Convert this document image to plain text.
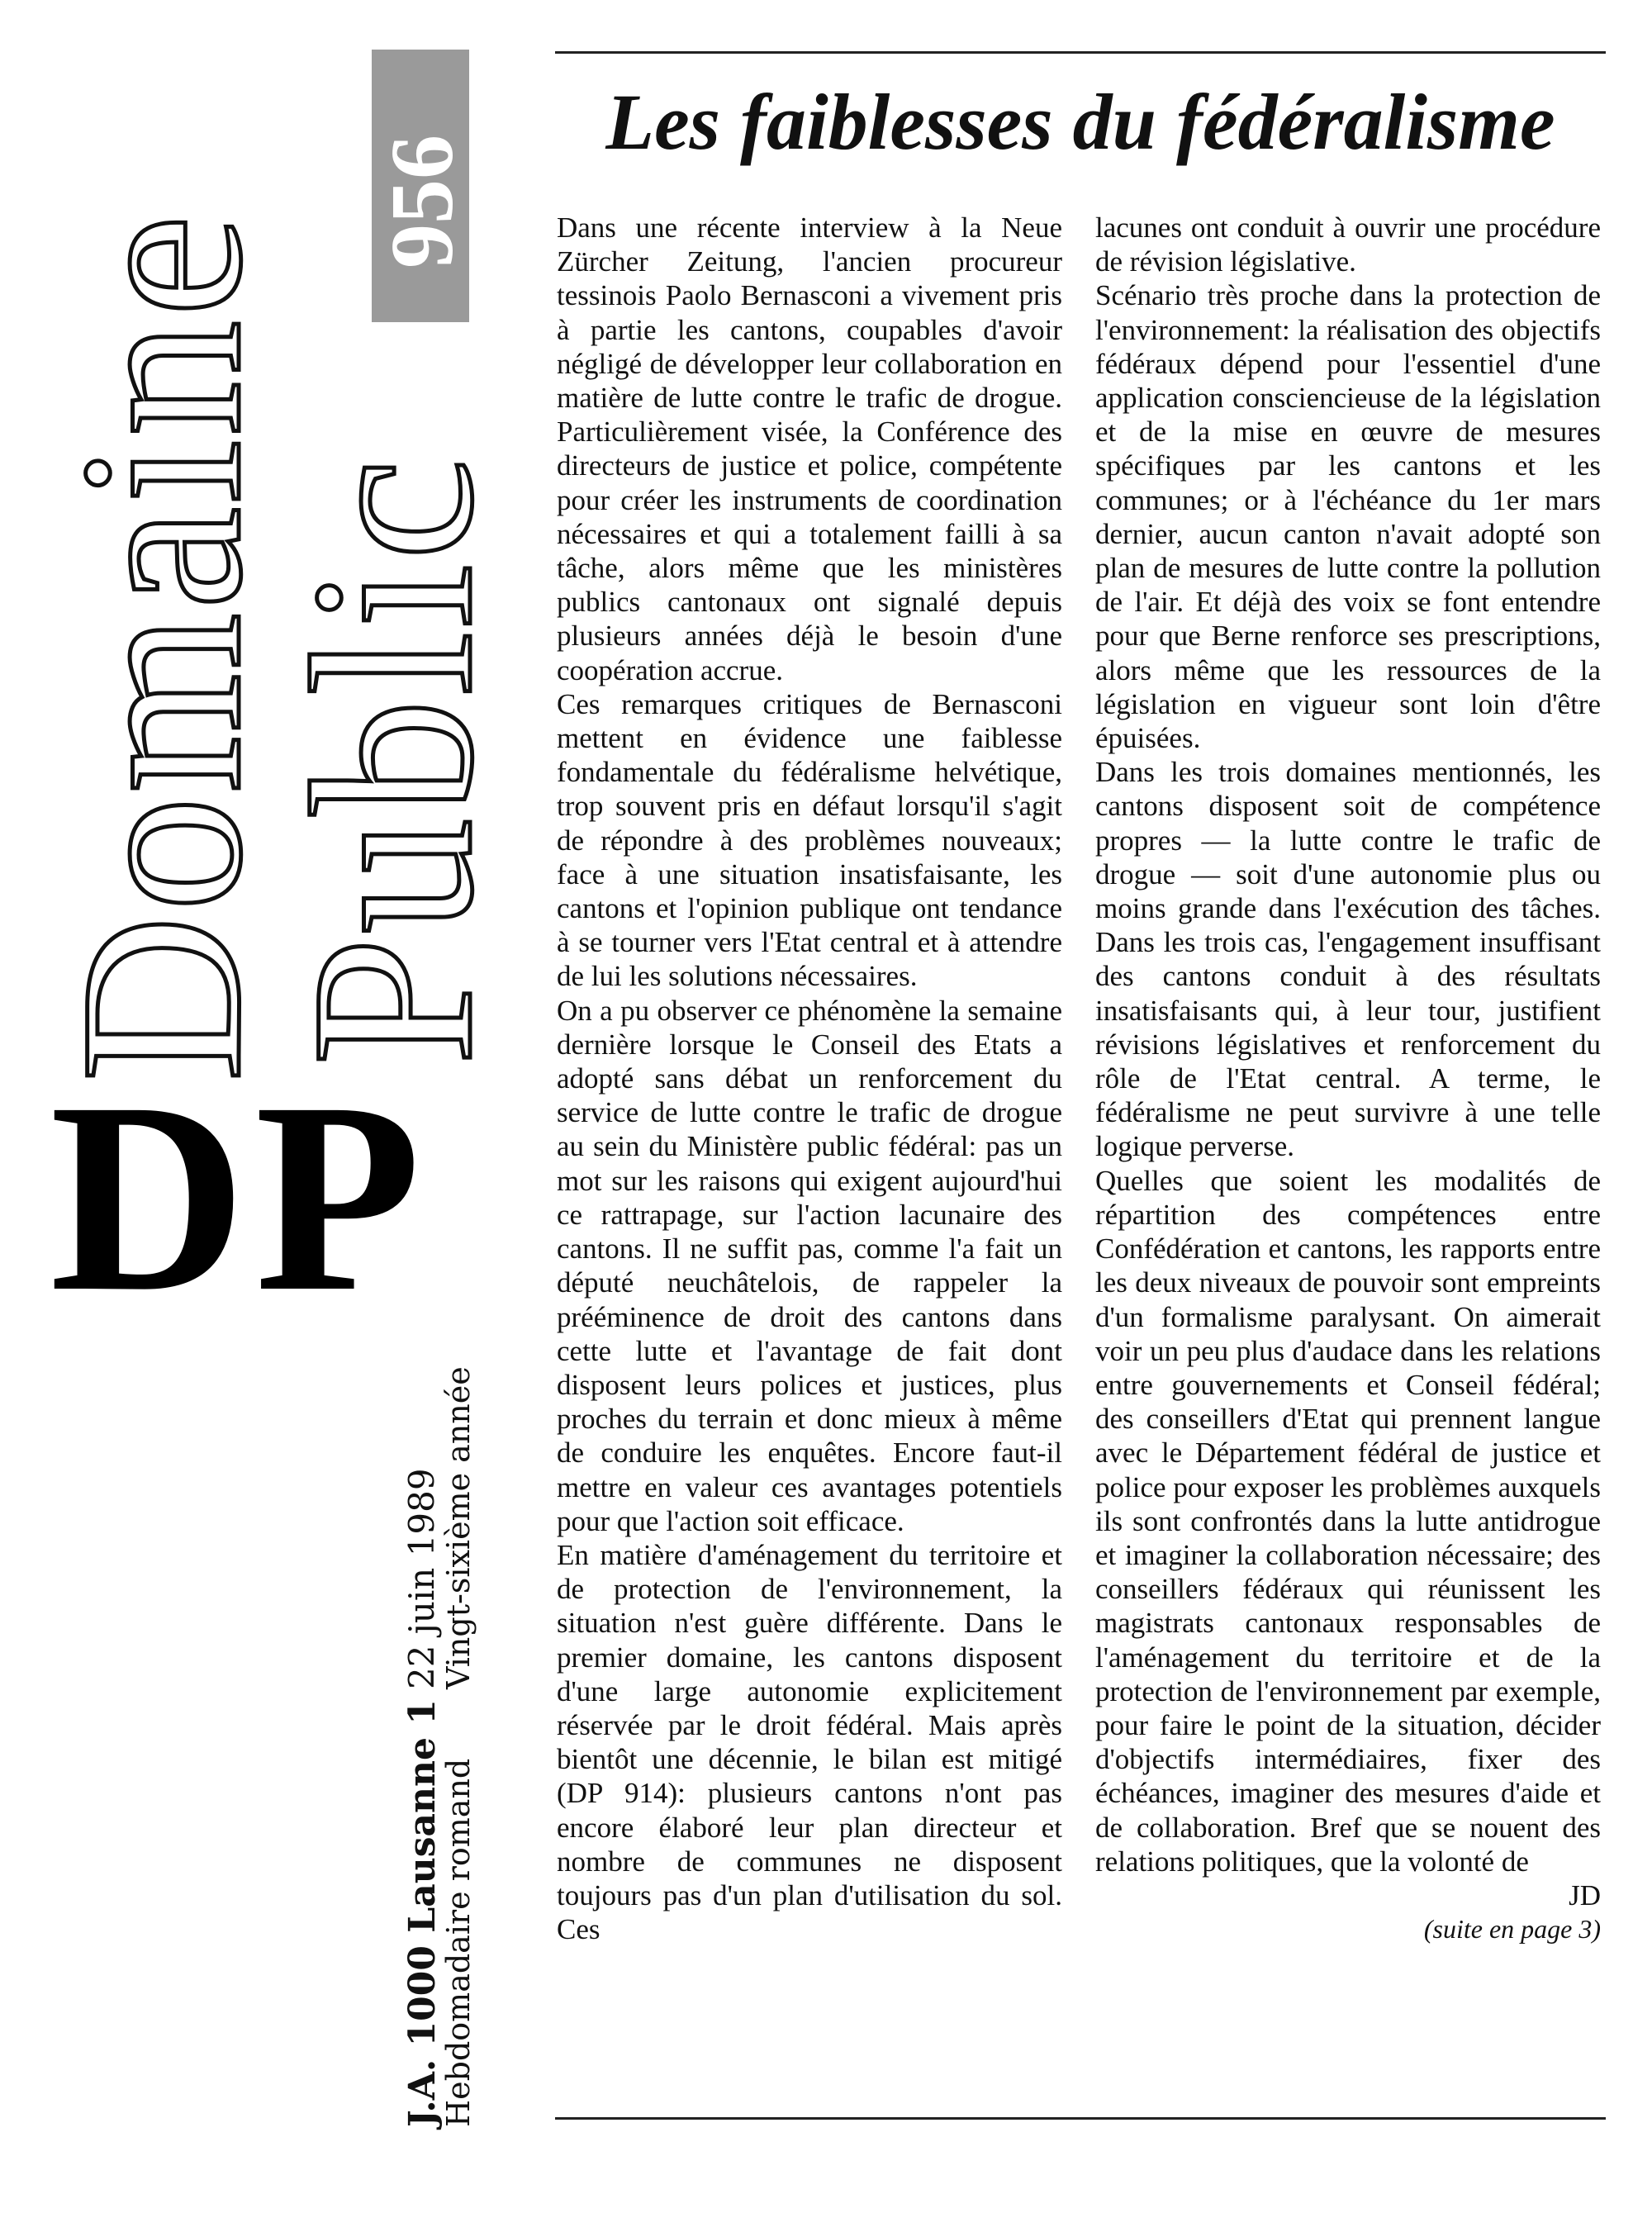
Domaine
Public
956
DP
J.A. 1000 Lausanne 1
Hebdomadaire romand
22 juin 1989
Vingt-sixième année
Les faiblesses du fédéralisme

Dans une récente interview à la Neue Zürcher Zeitung, l'ancien procureur tessinois Paolo Bernasconi a vivement pris à partie les cantons, coupables d'avoir négligé de développer leur collaboration en matière de lutte contre le trafic de drogue. Particulièrement visée, la Conférence des directeurs de justice et police, compétente pour créer les instruments de coordination nécessaires et qui a totalement failli à sa tâche, alors même que les ministères publics cantonaux ont signalé depuis plusieurs années déjà le besoin d'une coopération accrue.

Ces remarques critiques de Bernasconi mettent en évidence une faiblesse fondamentale du fédéralisme helvétique, trop souvent pris en défaut lorsqu'il s'agit de répondre à des problèmes nouveaux; face à une situation insatisfaisante, les cantons et l'opinion publique ont tendance à se tourner vers l'Etat central et à attendre de lui les solutions nécessaires.

On a pu observer ce phénomène la semaine dernière lorsque le Conseil des Etats a adopté sans débat un renforcement du service de lutte contre le trafic de drogue au sein du Ministère public fédéral: pas un mot sur les raisons qui exigent aujourd'hui ce rattrapage, sur l'action lacunaire des cantons. Il ne suffit pas, comme l'a fait un député neuchâtelois, de rappeler la prééminence de droit des cantons dans cette lutte et l'avantage de fait dont disposent leurs polices et justices, plus proches du terrain et donc mieux à même de conduire les enquêtes. Encore faut-il mettre en valeur ces avantages potentiels pour que l'action soit efficace.

En matière d'aménagement du territoire et de protection de l'environnement, la situation n'est guère différente. Dans le premier domaine, les cantons disposent d'une large autonomie explicitement réservée par le droit fédéral. Mais après bientôt une décennie, le bilan est mitigé (DP 914): plusieurs cantons n'ont pas encore élaboré leur plan directeur et nombre de communes ne disposent toujours pas d'un plan d'utilisation du sol. Ces

lacunes ont conduit à ouvrir une procédure de révision législative.

Scénario très proche dans la protection de l'environnement: la réalisation des objectifs fédéraux dépend pour l'essentiel d'une application consciencieuse de la législation et de la mise en œuvre de mesures spécifiques par les cantons et les communes; or à l'échéance du 1er mars dernier, aucun canton n'avait adopté son plan de mesures de lutte contre la pollution de l'air. Et déjà des voix se font entendre pour que Berne renforce ses prescriptions, alors même que les ressources de la législation en vigueur sont loin d'être épuisées.

Dans les trois domaines mentionnés, les cantons disposent soit de compétence propres — la lutte contre le trafic de drogue — soit d'une autonomie plus ou moins grande dans l'exécution des tâches. Dans les trois cas, l'engagement insuffisant des cantons conduit à des résultats insatisfaisants qui, à leur tour, justifient révisions législatives et renforcement du rôle de l'Etat central. A terme, le fédéralisme ne peut survivre à une telle logique perverse.

Quelles que soient les modalités de répartition des compétences entre Confédération et cantons, les rapports entre les deux niveaux de pouvoir sont empreints d'un formalisme paralysant. On aimerait voir un peu plus d'audace dans les relations entre gouvernements et Conseil fédéral; des conseillers d'Etat qui prennent langue avec le Département fédéral de justice et police pour exposer les problèmes auxquels ils sont confrontés dans la lutte antidrogue et imaginer la collaboration nécessaire; des conseillers fédéraux qui réunissent les magistrats cantonaux responsables de l'aménagement du territoire et de la protection de l'environnement par exemple, pour faire le point de la situation, décider d'objectifs intermédiaires, fixer des échéances, imaginer des mesures d'aide et de collaboration. Bref que se nouent des relations politiques, que la volonté de

JD

(suite en page 3)
